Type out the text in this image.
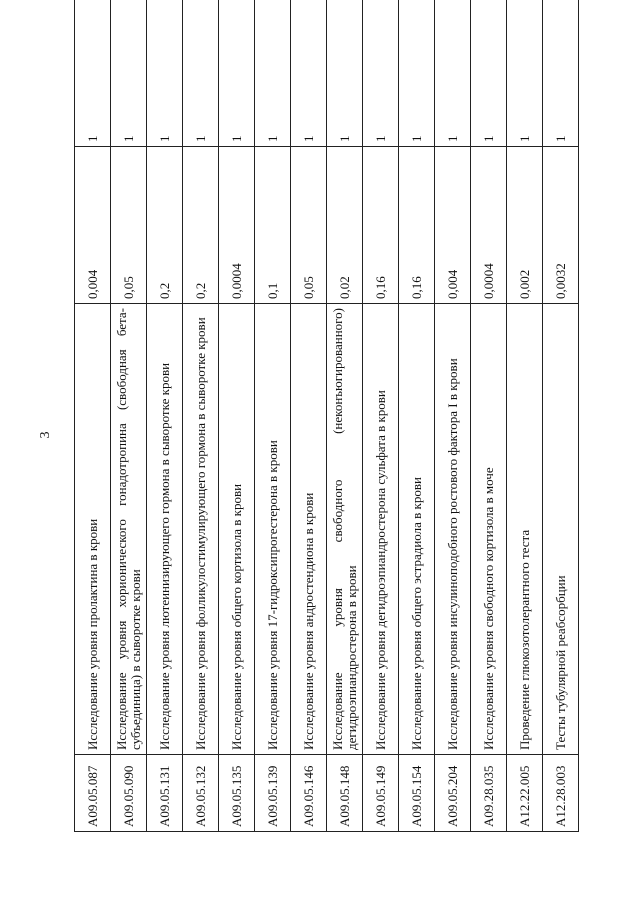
3
A09.05.087	Исследование уровня пролактина в крови	0,004	1
A09.05.090	Исследование уровня хорионического гонадотропина (свободная бета-субъединица) в сыворотке крови	0,05	1
A09.05.131	Исследование уровня лютеинизирующего гормона в сыворотке крови	0,2	1
A09.05.132	Исследование уровня фолликулостимулирующего гормона в сыворотке крови	0,2	1
A09.05.135	Исследование уровня общего кортизола в крови	0,0004	1
A09.05.139	Исследование уровня 17-гидроксипрогестерона в крови	0,1	1
A09.05.146	Исследование уровня андростендиона в крови	0,05	1
A09.05.148	Исследование уровня свободного (неконъюгированного) дегидроэпиандростерона в крови	0,02	1
A09.05.149	Исследование уровня дегидроэпиандростерона сульфата в крови	0,16	1
A09.05.154	Исследование уровня общего эстрадиола в крови	0,16	1
A09.05.204	Исследование уровня инсулиноподобного ростового фактора I в крови	0,004	1
A09.28.035	Исследование уровня свободного кортизола в моче	0,0004	1
A12.22.005	Проведение глюкозотолерантного теста	0,002	1
A12.28.003	Тесты тубулярной реабсорбции	0,0032	1
